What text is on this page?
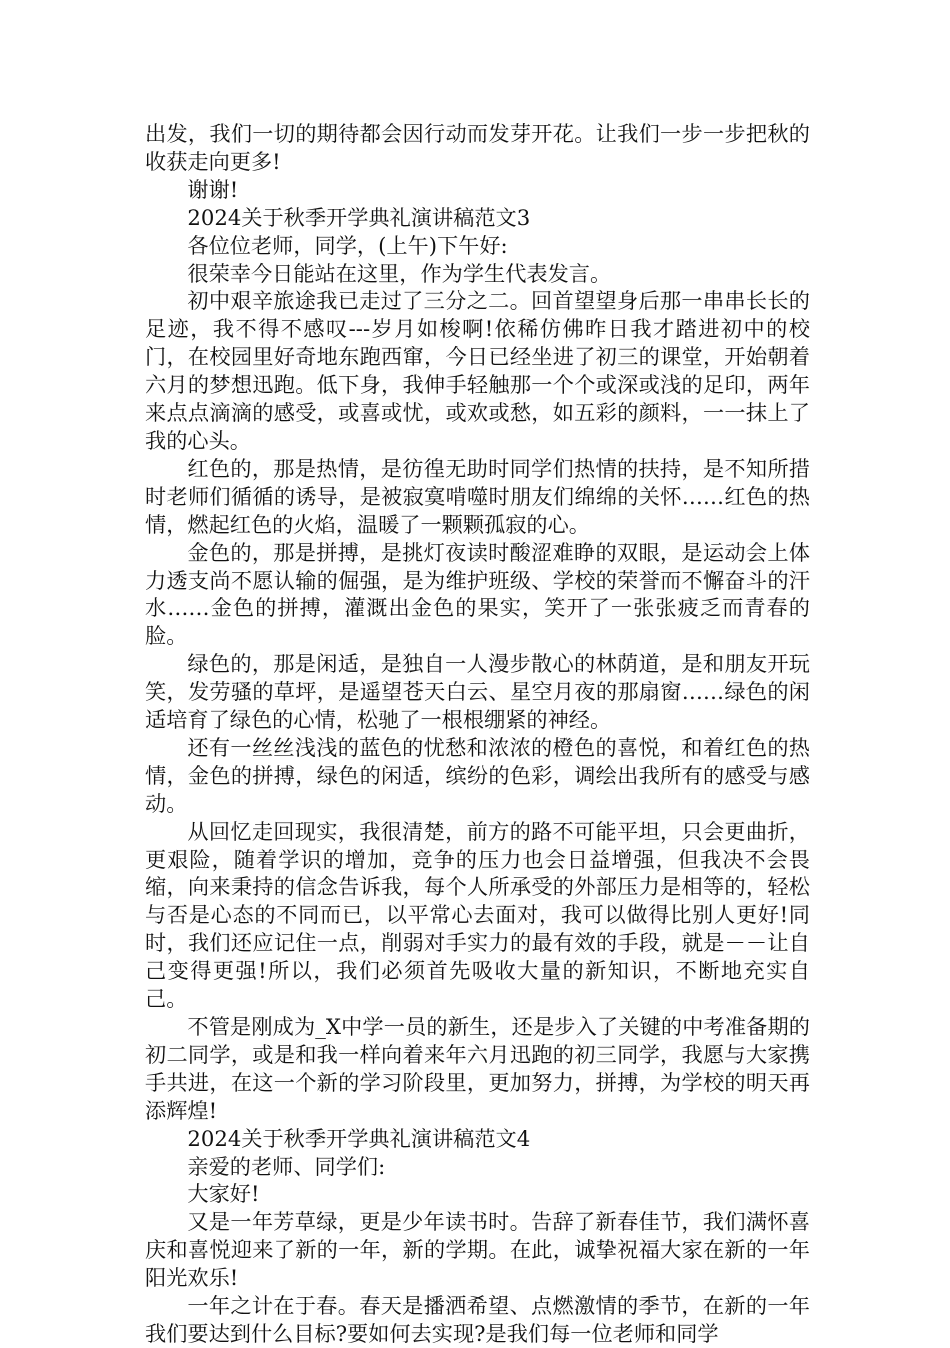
出发，我们一切的期待都会因行动而发芽开花。让我们一步一步把秋的收获走向更多!

谢谢!

2024关于秋季开学典礼演讲稿范文3

各位位老师，同学，(上午)下午好:

很荣幸今日能站在这里，作为学生代表发言。

初中艰辛旅途我已走过了三分之二。回首望望身后那一串串长长的足迹，我不得不感叹---岁月如梭啊!依稀仿佛昨日我才踏进初中的校门，在校园里好奇地东跑西窜，今日已经坐进了初三的课堂，开始朝着六月的梦想迅跑。低下身，我伸手轻触那一个个或深或浅的足印，两年来点点滴滴的感受，或喜或忧，或欢或愁，如五彩的颜料，一一抹上了我的心头。

红色的，那是热情，是彷徨无助时同学们热情的扶持，是不知所措时老师们循循的诱导，是被寂寞啃噬时朋友们绵绵的关怀……红色的热情，燃起红色的火焰，温暖了一颗颗孤寂的心。

金色的，那是拼搏，是挑灯夜读时酸涩难睁的双眼，是运动会上体力透支尚不愿认输的倔强，是为维护班级、学校的荣誉而不懈奋斗的汗水……金色的拼搏，灌溉出金色的果实，笑开了一张张疲乏而青春的脸。

绿色的，那是闲适，是独自一人漫步散心的林荫道，是和朋友开玩笑，发劳骚的草坪，是遥望苍天白云、星空月夜的那扇窗……绿色的闲适培育了绿色的心情，松驰了一根根绷紧的神经。

还有一丝丝浅浅的蓝色的忧愁和浓浓的橙色的喜悦，和着红色的热情，金色的拼搏，绿色的闲适，缤纷的色彩，调绘出我所有的感受与感动。

从回忆走回现实，我很清楚，前方的路不可能平坦，只会更曲折，更艰险，随着学识的增加，竞争的压力也会日益增强，但我决不会畏缩，向来秉持的信念告诉我，每个人所承受的外部压力是相等的，轻松与否是心态的不同而已，以平常心去面对，我可以做得比别人更好!同时，我们还应记住一点，削弱对手实力的最有效的手段，就是－－让自己变得更强!所以，我们必须首先吸收大量的新知识，不断地充实自己。

不管是刚成为_X中学一员的新生，还是步入了关键的中考准备期的初二同学，或是和我一样向着来年六月迅跑的初三同学，我愿与大家携手共进，在这一个新的学习阶段里，更加努力，拼搏，为学校的明天再添辉煌!

2024关于秋季开学典礼演讲稿范文4

亲爱的老师、同学们:

大家好!

又是一年芳草绿，更是少年读书时。告辞了新春佳节，我们满怀喜庆和喜悦迎来了新的一年，新的学期。在此，诚挚祝福大家在新的一年阳光欢乐!

一年之计在于春。春天是播洒希望、点燃激情的季节，在新的一年我们要达到什么目标?要如何去实现?是我们每一位老师和同学
